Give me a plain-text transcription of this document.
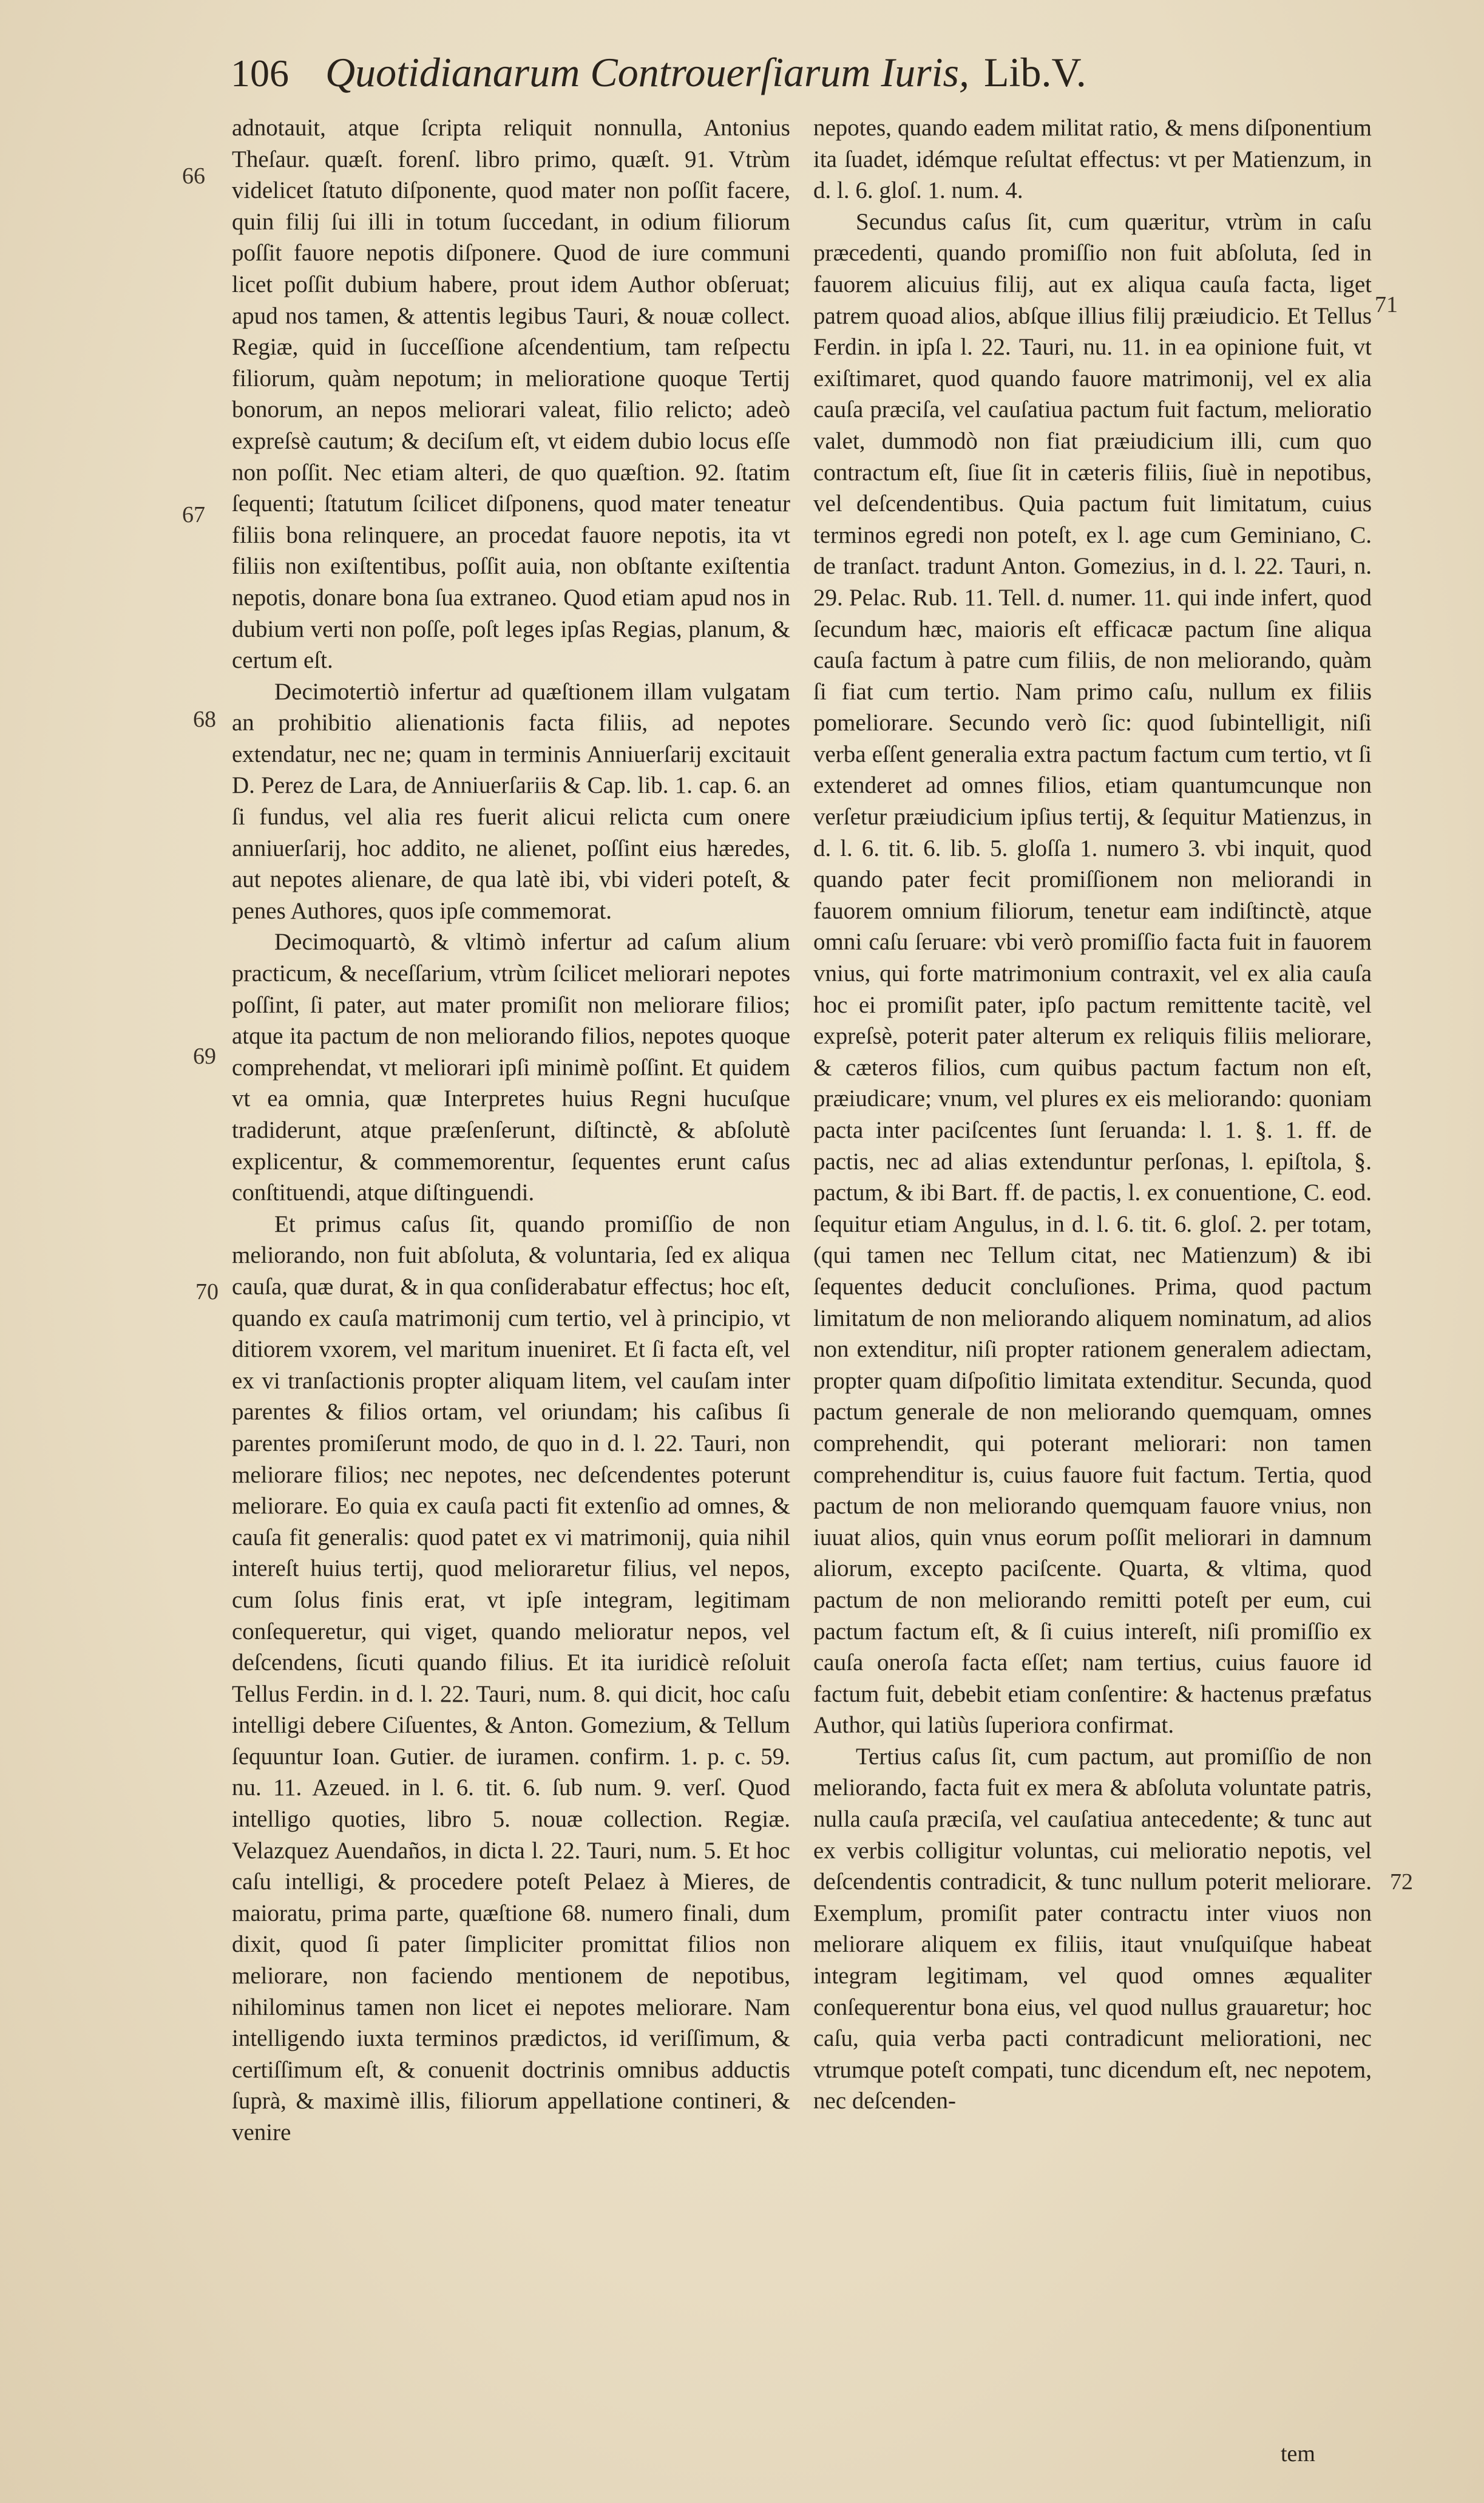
106 Quotidianarum Controuerſiarum Iuris, Lib.V.
66
67
68
69
70
71
72

adnotauit, atque ſcripta reliquit nonnulla, Antonius Theſaur. quæſt. forenſ. libro primo, quæſt. 91. Vtrùm videlicet ſtatuto diſponente, quod mater non poſſit facere, quin filij ſui illi in totum ſuccedant, in odium filiorum poſſit fauore nepotis diſponere. Quod de iure communi licet poſſit dubium habere, prout idem Author obſeruat; apud nos tamen, & attentis legibus Tauri, & nouæ collect. Regiæ, quid in ſucceſſione aſcendentium, tam reſpectu filiorum, quàm nepotum; in melioratione quoque Tertij bonorum, an nepos meliorari valeat, filio relicto; adeò expreſsè cautum; & deciſum eſt, vt eidem dubio locus eſſe non poſſit. Nec etiam alteri, de quo quæſtion. 92. ſtatim ſequenti; ſtatutum ſcilicet diſponens, quod mater teneatur filiis bona relinquere, an procedat fauore nepotis, ita vt filiis non exiſtentibus, poſſit auia, non obſtante exiſtentia nepotis, donare bona ſua extraneo. Quod etiam apud nos in dubium verti non poſſe, poſt leges ipſas Regias, planum, & certum eſt.

Decimotertiò infertur ad quæſtionem illam vulgatam an prohibitio alienationis facta filiis, ad nepotes extendatur, nec ne; quam in terminis Anniuerſarij excitauit D. Perez de Lara, de Anniuerſariis & Cap. lib. 1. cap. 6. an ſi fundus, vel alia res fuerit alicui relicta cum onere anniuerſarij, hoc addito, ne alienet, poſſint eius hæredes, aut nepotes alienare, de qua latè ibi, vbi videri poteſt, & penes Authores, quos ipſe commemorat.

Decimoquartò, & vltimò infertur ad caſum alium practicum, & neceſſarium, vtrùm ſcilicet meliorari nepotes poſſint, ſi pater, aut mater promiſit non meliorare filios; atque ita pactum de non meliorando filios, nepotes quoque comprehendat, vt meliorari ipſi minimè poſſint. Et quidem vt ea omnia, quæ Interpretes huius Regni hucuſque tradiderunt, atque præſenſerunt, diſtinctè, & abſolutè explicentur, & commemorentur, ſequentes erunt caſus conſtituendi, atque diſtinguendi.

Et primus caſus ſit, quando promiſſio de non meliorando, non fuit abſoluta, & voluntaria, ſed ex aliqua cauſa, quæ durat, & in qua conſiderabatur effectus; hoc eſt, quando ex cauſa matrimonij cum tertio, vel à principio, vt ditiorem vxorem, vel maritum inueniret. Et ſi facta eſt, vel ex vi tranſactionis propter aliquam litem, vel cauſam inter parentes & filios ortam, vel oriundam; his caſibus ſi parentes promiſerunt modo, de quo in d. l. 22. Tauri, non meliorare filios; nec nepotes, nec deſcendentes poterunt meliorare. Eo quia ex cauſa pacti fit extenſio ad omnes, & cauſa fit generalis: quod patet ex vi matrimonij, quia nihil intereſt huius tertij, quod melioraretur filius, vel nepos, cum ſolus finis erat, vt ipſe integram, legitimam conſequeretur, qui viget, quando melioratur nepos, vel deſcendens, ſicuti quando filius. Et ita iuridicè reſoluit Tellus Ferdin. in d. l. 22. Tauri, num. 8. qui dicit, hoc caſu intelligi debere Ciſuentes, & Anton. Gomezium, & Tellum ſequuntur Ioan. Gutier. de iuramen. confirm. 1. p. c. 59. nu. 11. Azeued. in l. 6. tit. 6. ſub num. 9. verſ. Quod intelligo quoties, libro 5. nouæ collection. Regiæ. Velazquez Auendaños, in dicta l. 22. Tauri, num. 5. Et hoc caſu intelligi, & procedere poteſt Pelaez à Mieres, de maioratu, prima parte, quæſtione 68. numero finali, dum dixit, quod ſi pater ſimpliciter promittat filios non meliorare, non faciendo mentionem de nepotibus, nihilominus tamen non licet ei nepotes meliorare. Nam intelligendo iuxta terminos prædictos, id veriſſimum, & certiſſimum eſt, & conuenit doctrinis omnibus adductis ſuprà, & maximè illis, filiorum appellatione contineri, & venire

nepotes, quando eadem militat ratio, & mens diſponentium ita ſuadet, idémque reſultat effectus: vt per Matienzum, in d. l. 6. gloſ. 1. num. 4.

Secundus caſus ſit, cum quæritur, vtrùm in caſu præcedenti, quando promiſſio non fuit abſoluta, ſed in fauorem alicuius filij, aut ex aliqua cauſa facta, liget patrem quoad alios, abſque illius filij præiudicio. Et Tellus Ferdin. in ipſa l. 22. Tauri, nu. 11. in ea opinione fuit, vt exiſtimaret, quod quando fauore matrimonij, vel ex alia cauſa præciſa, vel cauſatiua pactum fuit factum, melioratio valet, dummodò non fiat præiudicium illi, cum quo contractum eſt, ſiue ſit in cæteris filiis, ſiuè in nepotibus, vel deſcendentibus. Quia pactum fuit limitatum, cuius terminos egredi non poteſt, ex l. age cum Geminiano, C. de tranſact. tradunt Anton. Gomezius, in d. l. 22. Tauri, n. 29. Pelac. Rub. 11. Tell. d. numer. 11. qui inde infert, quod ſecundum hæc, maioris eſt efficacæ pactum ſine aliqua cauſa factum à patre cum filiis, de non meliorando, quàm ſi fiat cum tertio. Nam primo caſu, nullum ex filiis pomeliorare. Secundo verò ſic: quod ſubintelligit, niſi verba eſſent generalia extra pactum factum cum tertio, vt ſi extenderet ad omnes filios, etiam quantumcunque non verſetur præiudicium ipſius tertij, & ſequitur Matienzus, in d. l. 6. tit. 6. lib. 5. gloſſa 1. numero 3. vbi inquit, quod quando pater fecit promiſſionem non meliorandi in fauorem omnium filiorum, tenetur eam indiſtinctè, atque omni caſu ſeruare: vbi verò promiſſio facta fuit in fauorem vnius, qui forte matrimonium contraxit, vel ex alia cauſa hoc ei promiſit pater, ipſo pactum remittente tacitè, vel expreſsè, poterit pater alterum ex reliquis filiis meliorare, & cæteros filios, cum quibus pactum factum non eſt, præiudicare; vnum, vel plures ex eis meliorando: quoniam pacta inter paciſcentes ſunt ſeruanda: l. 1. §. 1. ff. de pactis, nec ad alias extenduntur perſonas, l. epiſtola, §. pactum, & ibi Bart. ff. de pactis, l. ex conuentione, C. eod. ſequitur etiam Angulus, in d. l. 6. tit. 6. gloſ. 2. per totam, (qui tamen nec Tellum citat, nec Matienzum) & ibi ſequentes deducit concluſiones. Prima, quod pactum limitatum de non meliorando aliquem nominatum, ad alios non extenditur, niſi propter rationem generalem adiectam, propter quam diſpoſitio limitata extenditur. Secunda, quod pactum generale de non meliorando quemquam, omnes comprehendit, qui poterant meliorari: non tamen comprehenditur is, cuius fauore fuit factum. Tertia, quod pactum de non meliorando quemquam fauore vnius, non iuuat alios, quin vnus eorum poſſit meliorari in damnum aliorum, excepto paciſcente. Quarta, & vltima, quod pactum de non meliorando remitti poteſt per eum, cui pactum factum eſt, & ſi cuius intereſt, niſi promiſſio ex cauſa oneroſa facta eſſet; nam tertius, cuius fauore id factum fuit, debebit etiam conſentire: & hactenus præfatus Author, qui latiùs ſuperiora confirmat.

Tertius caſus ſit, cum pactum, aut promiſſio de non meliorando, facta fuit ex mera & abſoluta voluntate patris, nulla cauſa præciſa, vel cauſatiua antecedente; & tunc aut ex verbis colligitur voluntas, cui melioratio nepotis, vel deſcendentis contradicit, & tunc nullum poterit meliorare. Exemplum, promiſit pater contractu inter viuos non meliorare aliquem ex filiis, itaut vnuſquiſque habeat integram legitimam, vel quod omnes æqualiter conſequerentur bona eius, vel quod nullus grauaretur; hoc caſu, quia verba pacti contradicunt meliorationi, nec vtrumque poteſt compati, tunc dicendum eſt, nec nepotem, nec deſcenden-

tem
